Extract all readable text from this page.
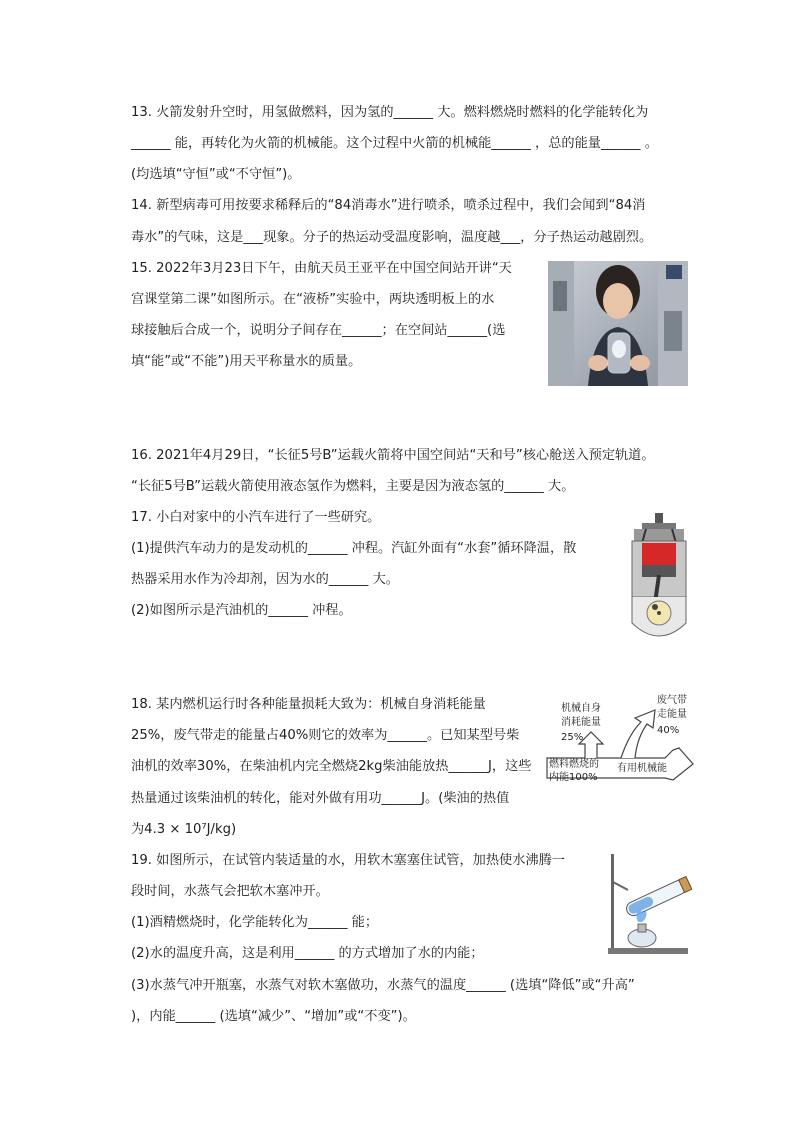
13. 火箭发射升空时，用氢做燃料，因为氢的______ 大。燃料燃烧时燃料的化学能转化为
______ 能，再转化为火箭的机械能。这个过程中火箭的机械能______ ，总的能量______ 。
(均选填“守恒”或“不守恒”)。
14. 新型病毒可用按要求稀释后的“84消毒水”进行喷杀，喷杀过程中，我们会闻到“84消
毒水”的气味，这是___现象。分子的热运动受温度影响，温度越___，分子热运动越剧烈。
15. 2022年3月23日下午，由航天员王亚平在中国空间站开讲“天
宫课堂第二课”如图所示。在“液桥”实验中，两块透明板上的水
球接触后合成一个，说明分子间存在______；在空间站______(选
填“能”或“不能”)用天平称量水的质量。
16. 2021年4月29日，“长征5号B”运载火箭将中国空间站“天和号”核心舱送入预定轨道。
“长征5号B”运载火箭使用液态氢作为燃料，主要是因为液态氢的______ 大。
17. 小白对家中的小汽车进行了一些研究。
(1)提供汽车动力的是发动机的______ 冲程。汽缸外面有“水套”循环降温，散
热器采用水作为冷却剂，因为水的______ 大。
(2)如图所示是汽油机的______ 冲程。
18. 某内燃机运行时各种能量损耗大致为：机械自身消耗能量
25%，废气带走的能量占40%则它的效率为______。已知某型号柴
油机的效率30%，在柴油机内完全燃烧2kg柴油能放热______J，这些
热量通过该柴油机的转化，能对外做有用功______J。(柴油的热值
为4.3 × 10⁷J/kg)
机械自身
消耗能量
25%
废气带
走能量
40%
燃料燃烧的
内能100%
有用机械能
19. 如图所示，在试管内装适量的水，用软木塞塞住试管，加热使水沸腾一
段时间，水蒸气会把软木塞冲开。
(1)酒精燃烧时，化学能转化为______ 能；
(2)水的温度升高，这是利用______ 的方式增加了水的内能；
(3)水蒸气冲开瓶塞，水蒸气对软木塞做功，水蒸气的温度______ (选填“降低”或“升高”
)，内能______ (选填“减少”、“增加”或“不变”)。
